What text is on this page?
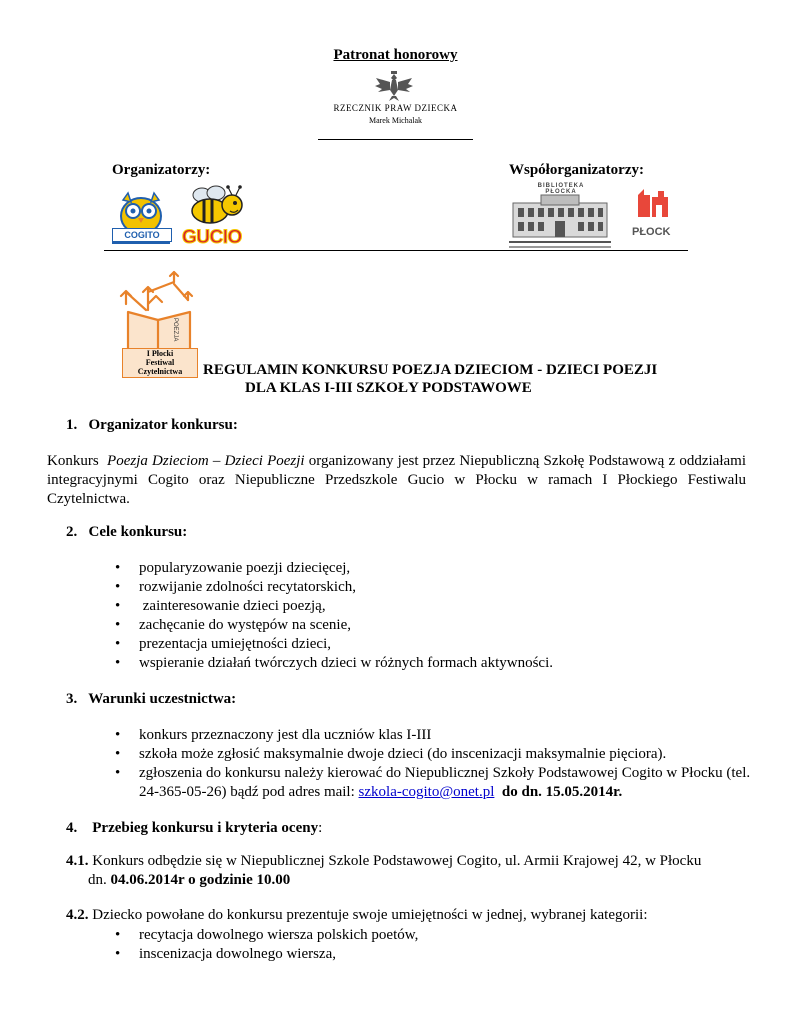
Patronat honorowy
RZECZNIK PRAW DZIECKA
Marek Michalak
Organizatorzy:	Współorganizatorzy:
COGITO	GUCIO
BIBLIOTEKA PŁOCKA
PŁOCK
POEZJA
I Płocki
Festiwal
Czytelnictwa	REGULAMIN KONKURSU POEZJA DZIECIOM - DZIECI POEZJI
DLA KLAS I-III SZKOŁY PODSTAWOWE
1.   Organizator konkursu:
Konkurs  Poezja Dzieciom – Dzieci Poezji organizowany jest przez Niepubliczną Szkołę Podstawową z oddziałami integracyjnymi Cogito oraz Niepubliczne Przedszkole Gucio w Płocku w ramach I Płockiego Festiwalu Czytelnictwa.
2.   Cele konkursu:
• popularyzowanie poezji dziecięcej,
• rozwijanie zdolności recytatorskich,
•  zainteresowanie dzieci poezją,
• zachęcanie do występów na scenie,
• prezentacja umiejętności dzieci,
• wspieranie działań twórczych dzieci w różnych formach aktywności.
3.   Warunki uczestnictwa:
• konkurs przeznaczony jest dla uczniów klas I-III
• szkoła może zgłosić maksymalnie dwoje dzieci (do inscenizacji maksymalnie pięciora).
• zgłoszenia do konkursu należy kierować do Niepublicznej Szkoły Podstawowej Cogito w Płocku (tel. 24-365-05-26) bądź pod adres mail: szkola-cogito@onet.pl  do dn. 15.05.2014r.
4.    Przebieg konkursu i kryteria oceny:
4.1. Konkurs odbędzie się w Niepublicznej Szkole Podstawowej Cogito, ul. Armii Krajowej 42, w Płocku
dn. 04.06.2014r o godzinie 10.00
4.2. Dziecko powołane do konkursu prezentuje swoje umiejętności w jednej, wybranej kategorii:
• recytacja dowolnego wiersza polskich poetów,
• inscenizacja dowolnego wiersza,
